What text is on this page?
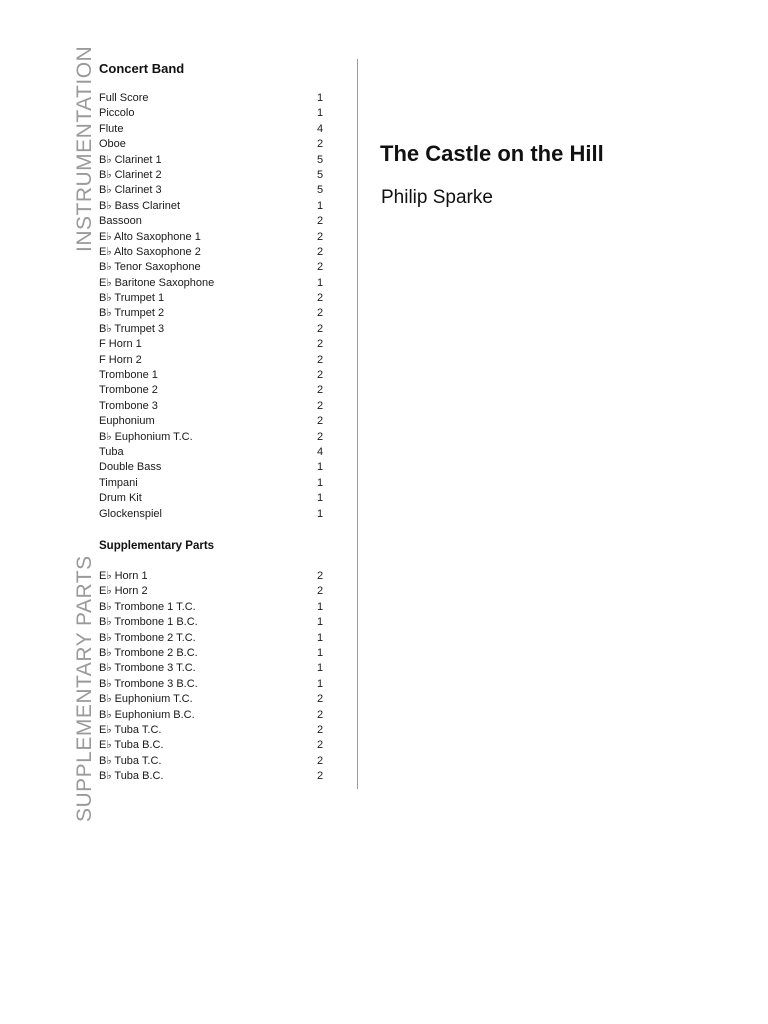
INSTRUMENTATION
SUPPLEMENTARY PARTS
Concert Band
Full Score	1
Piccolo	1
Flute	4
Oboe	2
B♭ Clarinet 1	5
B♭ Clarinet 2	5
B♭ Clarinet 3	5
B♭ Bass Clarinet	1
Bassoon	2
E♭ Alto Saxophone 1	2
E♭ Alto Saxophone 2	2
B♭ Tenor Saxophone	2
E♭ Baritone Saxophone	1
B♭ Trumpet 1	2
B♭ Trumpet 2	2
B♭ Trumpet 3	2
F Horn 1	2
F Horn 2	2
Trombone 1	2
Trombone 2	2
Trombone 3	2
Euphonium	2
B♭ Euphonium T.C.	2
Tuba	4
Double Bass	1
Timpani	1
Drum Kit	1
Glockenspiel	1
Supplementary Parts
E♭ Horn 1	2
E♭ Horn 2	2
B♭ Trombone 1 T.C.	1
B♭ Trombone 1 B.C.	1
B♭ Trombone 2 T.C.	1
B♭ Trombone 2 B.C.	1
B♭ Trombone 3 T.C.	1
B♭ Trombone 3 B.C.	1
B♭ Euphonium T.C.	2
B♭ Euphonium B.C.	2
E♭ Tuba T.C.	2
E♭ Tuba B.C.	2
B♭ Tuba T.C.	2
B♭ Tuba B.C.	2
The Castle on the Hill
Philip Sparke
